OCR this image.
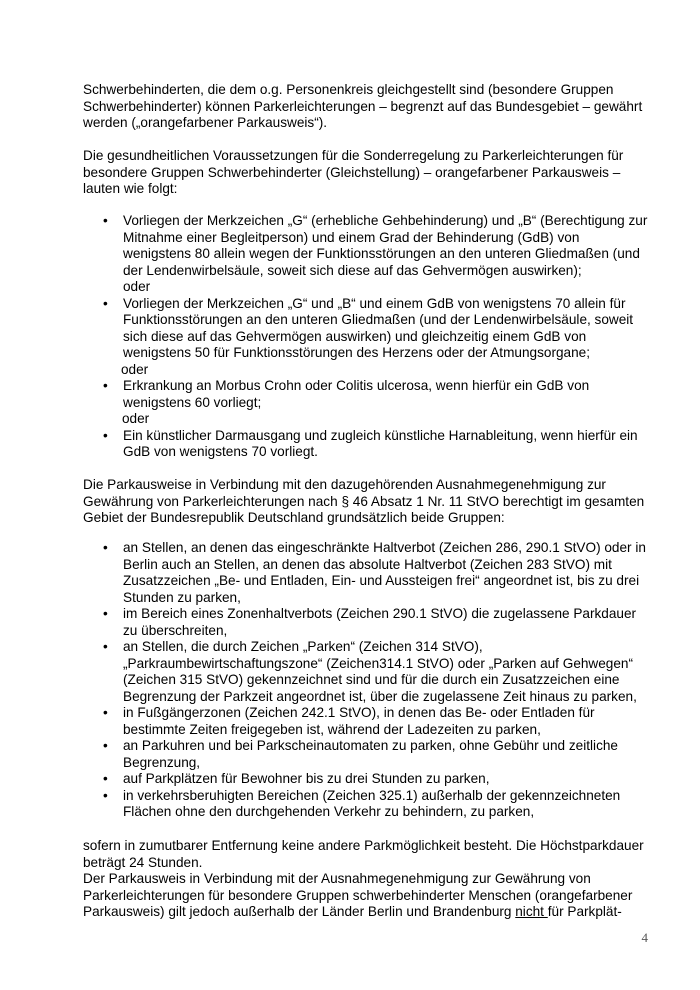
Schwerbehinderten, die dem o.g. Personenkreis gleichgestellt sind (besondere Gruppen Schwerbehinderter) können Parkerleichterungen – begrenzt auf das Bundesgebiet – gewährt werden („orangefarbener Parkausweis“).

Die gesundheitlichen Voraussetzungen für die Sonderregelung zu Parkerleichterungen für besondere Gruppen Schwerbehinderter (Gleichstellung) – orangefarbener Parkausweis – lauten wie folgt:

• Vorliegen der Merkzeichen „G“ (erhebliche Gehbehinderung) und „B“ (Berechtigung zur Mitnahme einer Begleitperson) und einem Grad der Behinderung (GdB) von wenigstens 80 allein wegen der Funktionsstörungen an den unteren Gliedmaßen (und der Lendenwirbelsäule, soweit sich diese auf das Gehvermögen auswirken);
oder
• Vorliegen der Merkzeichen „G“ und „B“ und einem GdB von wenigstens 70 allein für Funktionsstörungen an den unteren Gliedmaßen (und der Lendenwirbelsäule, soweit sich diese auf das Gehvermögen auswirken) und gleichzeitig einem GdB von wenigstens 50 für Funktionsstörungen des Herzens oder der Atmungsorgane;
oder
• Erkrankung an Morbus Crohn oder Colitis ulcerosa, wenn hierfür ein GdB von wenigstens 60 vorliegt;
oder
• Ein künstlicher Darmausgang und zugleich künstliche Harnableitung, wenn hierfür ein GdB von wenigstens 70 vorliegt.

Die Parkausweise in Verbindung mit den dazugehörenden Ausnahmegenehmigung zur Gewährung von Parkerleichterungen nach § 46 Absatz 1 Nr. 11 StVO berechtigt im gesamten Gebiet der Bundesrepublik Deutschland grundsätzlich beide Gruppen:

• an Stellen, an denen das eingeschränkte Haltverbot (Zeichen 286, 290.1 StVO) oder in Berlin auch an Stellen, an denen das absolute Haltverbot (Zeichen 283 StVO) mit Zusatzzeichen „Be- und Entladen, Ein- und Aussteigen frei“ angeordnet ist, bis zu drei Stunden zu parken,
• im Bereich eines Zonenhaltverbots (Zeichen 290.1 StVO) die zugelassene Parkdauer zu überschreiten,
• an Stellen, die durch Zeichen „Parken“ (Zeichen 314 StVO), „Parkraumbewirtschaftungszone“ (Zeichen314.1 StVO) oder „Parken auf Gehwegen“ (Zeichen 315 StVO) gekennzeichnet sind und für die durch ein Zusatzzeichen eine Begrenzung der Parkzeit angeordnet ist, über die zugelassene Zeit hinaus zu parken,
• in Fußgängerzonen (Zeichen 242.1 StVO), in denen das Be- oder Entladen für bestimmte Zeiten freigegeben ist, während der Ladezeiten zu parken,
• an Parkuhren und bei Parkscheinautomaten zu parken, ohne Gebühr und zeitliche Begrenzung,
• auf Parkplätzen für Bewohner bis zu drei Stunden zu parken,
• in verkehrsberuhigten Bereichen (Zeichen 325.1) außerhalb der gekennzeichneten Flächen ohne den durchgehenden Verkehr zu behindern, zu parken,

sofern in zumutbarer Entfernung keine andere Parkmöglichkeit besteht. Die Höchstparkdauer beträgt 24 Stunden.

Der Parkausweis in Verbindung mit der Ausnahmegenehmigung zur Gewährung von Parkerleichterungen für besondere Gruppen schwerbehinderter Menschen (orangefarbener Parkausweis) gilt jedoch außerhalb der Länder Berlin und Brandenburg nicht für Parkplät-

4
